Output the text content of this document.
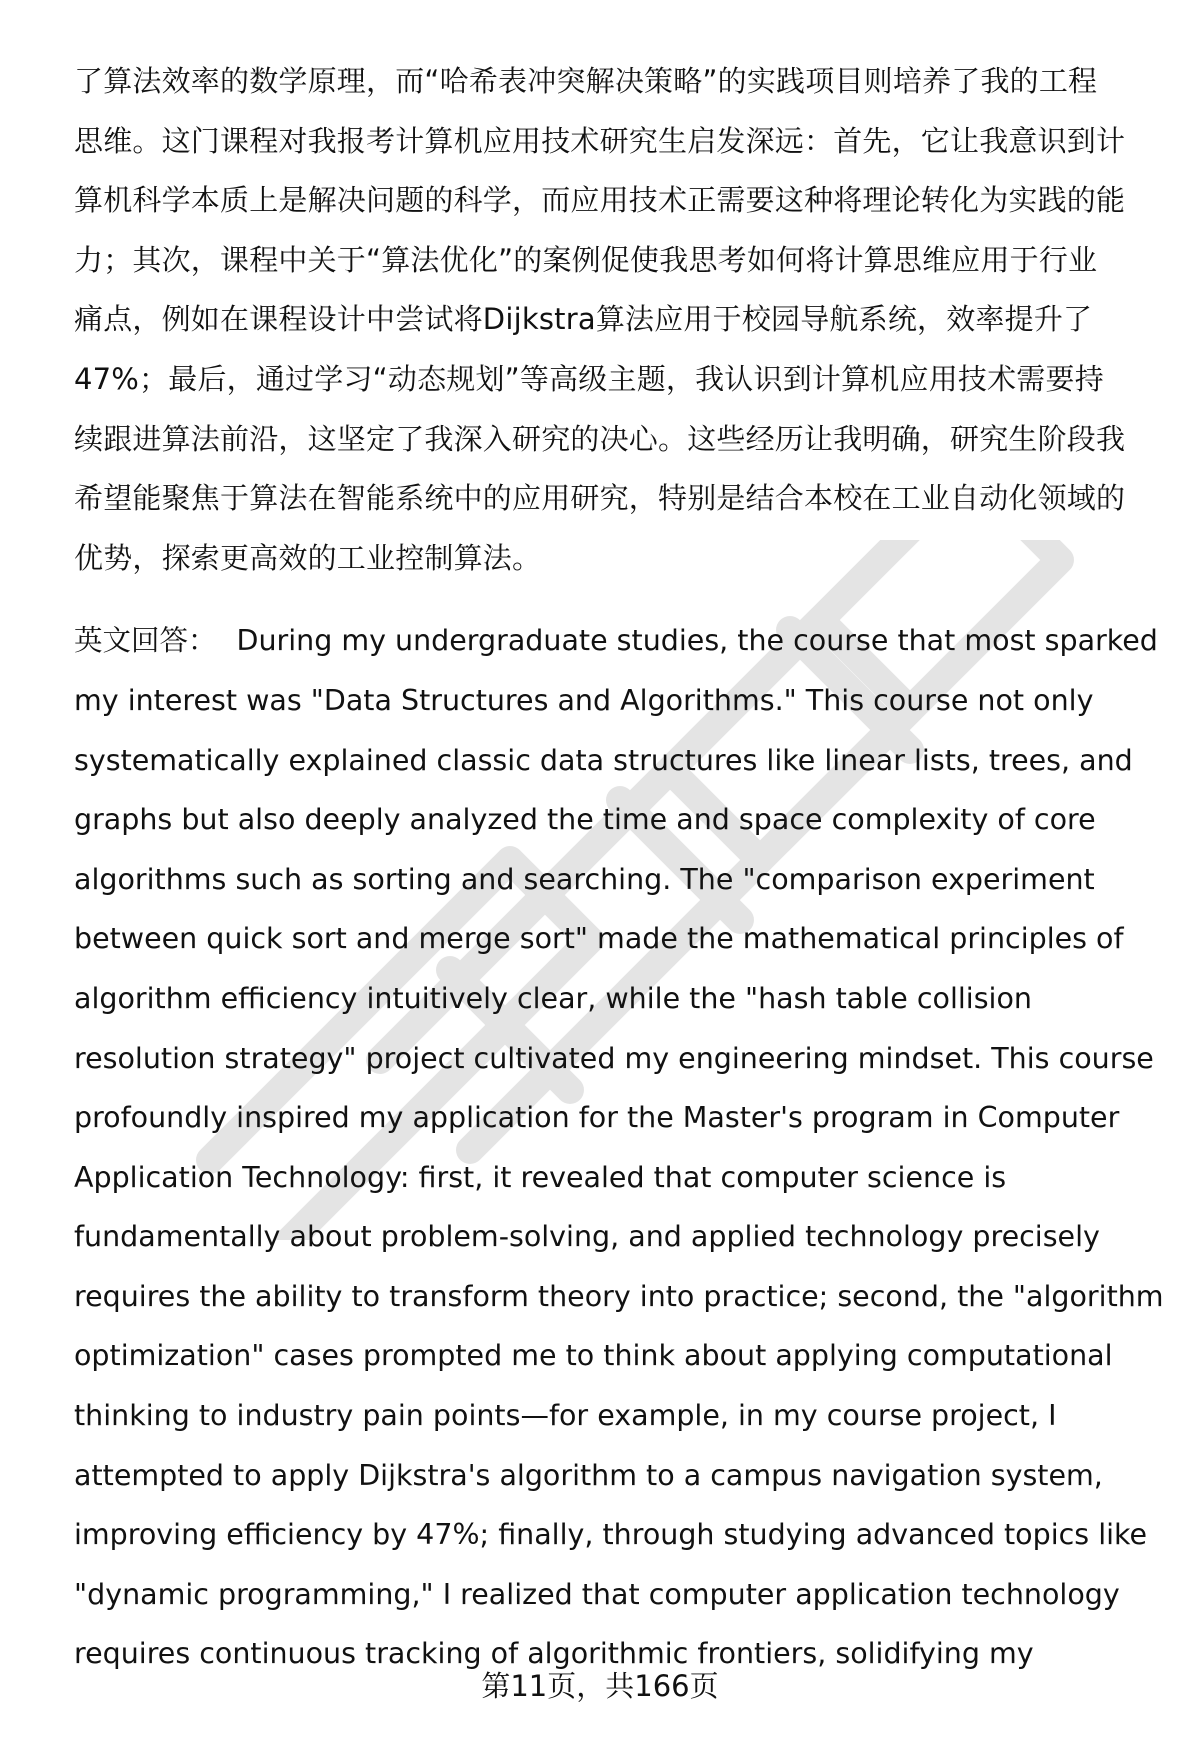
了算法效率的数学原理，而“哈希表冲突解决策略”的实践项目则培养了我的工程
思维。这门课程对我报考计算机应用技术研究生启发深远：首先，它让我意识到计
算机科学本质上是解决问题的科学，而应用技术正需要这种将理论转化为实践的能
力；其次，课程中关于“算法优化”的案例促使我思考如何将计算思维应用于行业
痛点，例如在课程设计中尝试将Dijkstra算法应用于校园导航系统，效率提升了
47%；最后，通过学习“动态规划”等高级主题，我认识到计算机应用技术需要持
续跟进算法前沿，这坚定了我深入研究的决心。这些经历让我明确，研究生阶段我
希望能聚焦于算法在智能系统中的应用研究，特别是结合本校在工业自动化领域的
优势，探索更高效的工业控制算法。
英文回答： During my undergraduate studies, the course that most sparked
my interest was "Data Structures and Algorithms." This course not only
systematically explained classic data structures like linear lists, trees, and
graphs but also deeply analyzed the time and space complexity of core
algorithms such as sorting and searching. The "comparison experiment
between quick sort and merge sort" made the mathematical principles of
algorithm efficiency intuitively clear, while the "hash table collision
resolution strategy" project cultivated my engineering mindset. This course
profoundly inspired my application for the Master's program in Computer
Application Technology: first, it revealed that computer science is
fundamentally about problem-solving, and applied technology precisely
requires the ability to transform theory into practice; second, the "algorithm
optimization" cases prompted me to think about applying computational
thinking to industry pain points—for example, in my course project, I
attempted to apply Dijkstra's algorithm to a campus navigation system,
improving efficiency by 47%; finally, through studying advanced topics like
"dynamic programming," I realized that computer application technology
requires continuous tracking of algorithmic frontiers, solidifying my
第11页，共166页
